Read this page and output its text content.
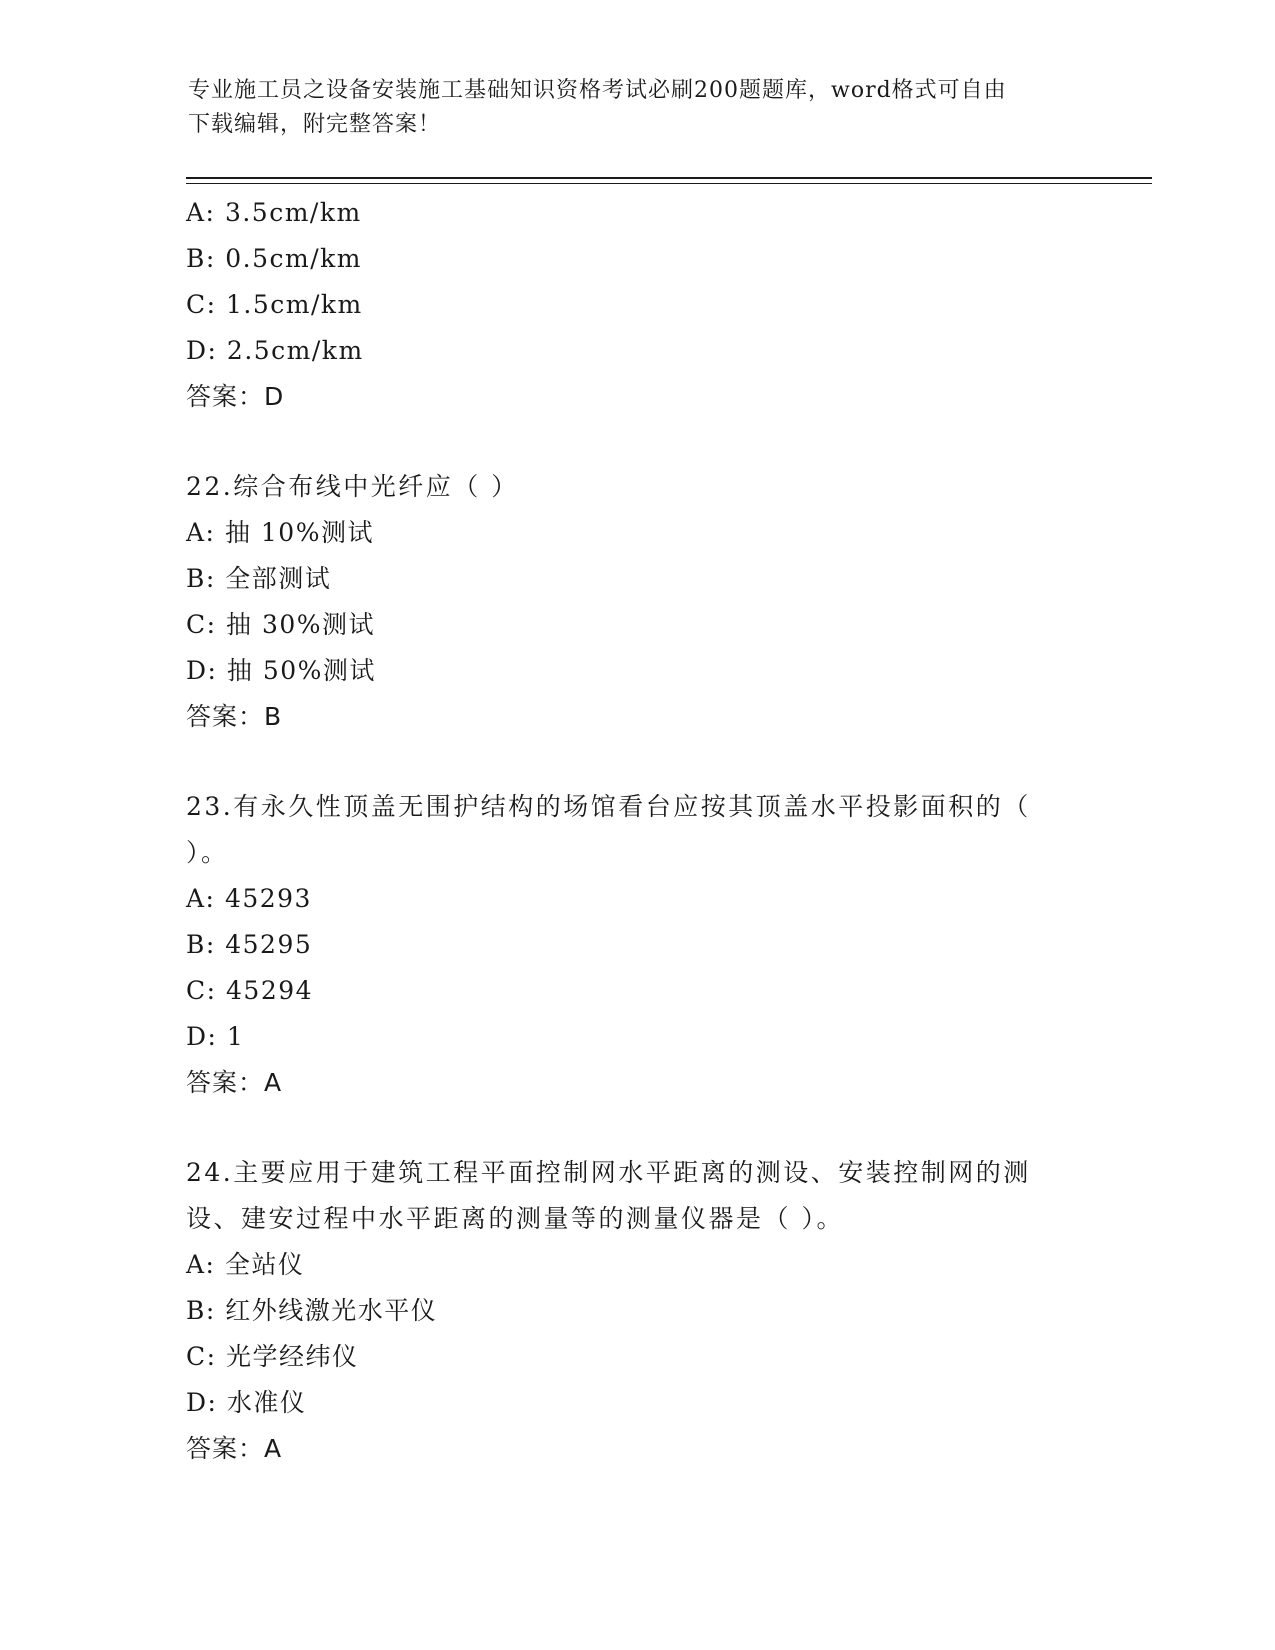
专业施工员之设备安装施工基础知识资格考试必刷200题题库，word格式可自由
下载编辑，附完整答案！
A: 3.5cm/km
B: 0.5cm/km
C: 1.5cm/km
D: 2.5cm/km
答案：D
22.综合布线中光纤应（ ）
A: 抽 10%测试
B: 全部测试
C: 抽 30%测试
D: 抽 50%测试
答案：B
23.有永久性顶盖无围护结构的场馆看台应按其顶盖水平投影面积的（
）。
A: 45293
B: 45295
C: 45294
D: 1
答案：A
24.主要应用于建筑工程平面控制网水平距离的测设、安装控制网的测
设、建安过程中水平距离的测量等的测量仪器是（ ）。
A: 全站仪
B: 红外线激光水平仪
C: 光学经纬仪
D: 水准仪
答案：A
